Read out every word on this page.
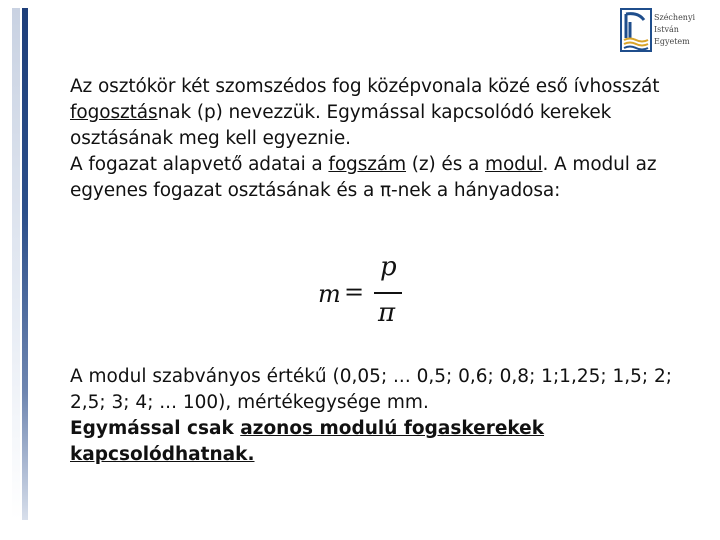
Széchenyi
István
Egyetem

Az osztókör két szomszédos fog középvonala közé eső ívhosszát fogosztásnak (p) nevezzük. Egymással kapcsolódó kerekek osztásának meg kell egyeznie.

A fogazat alapvető adatai a fogszám (z) és a modul. A modul az egyenes fogazat osztásának és a π-nek a hányadosa:

m =
p
π

A modul szabványos értékű (0,05; ... 0,5; 0,6; 0,8; 1;1,25; 1,5; 2; 2,5; 3; 4; ... 100), mértékegysége mm.

Egymással csak azonos modulú fogaskerekek kapcsolódhatnak.
